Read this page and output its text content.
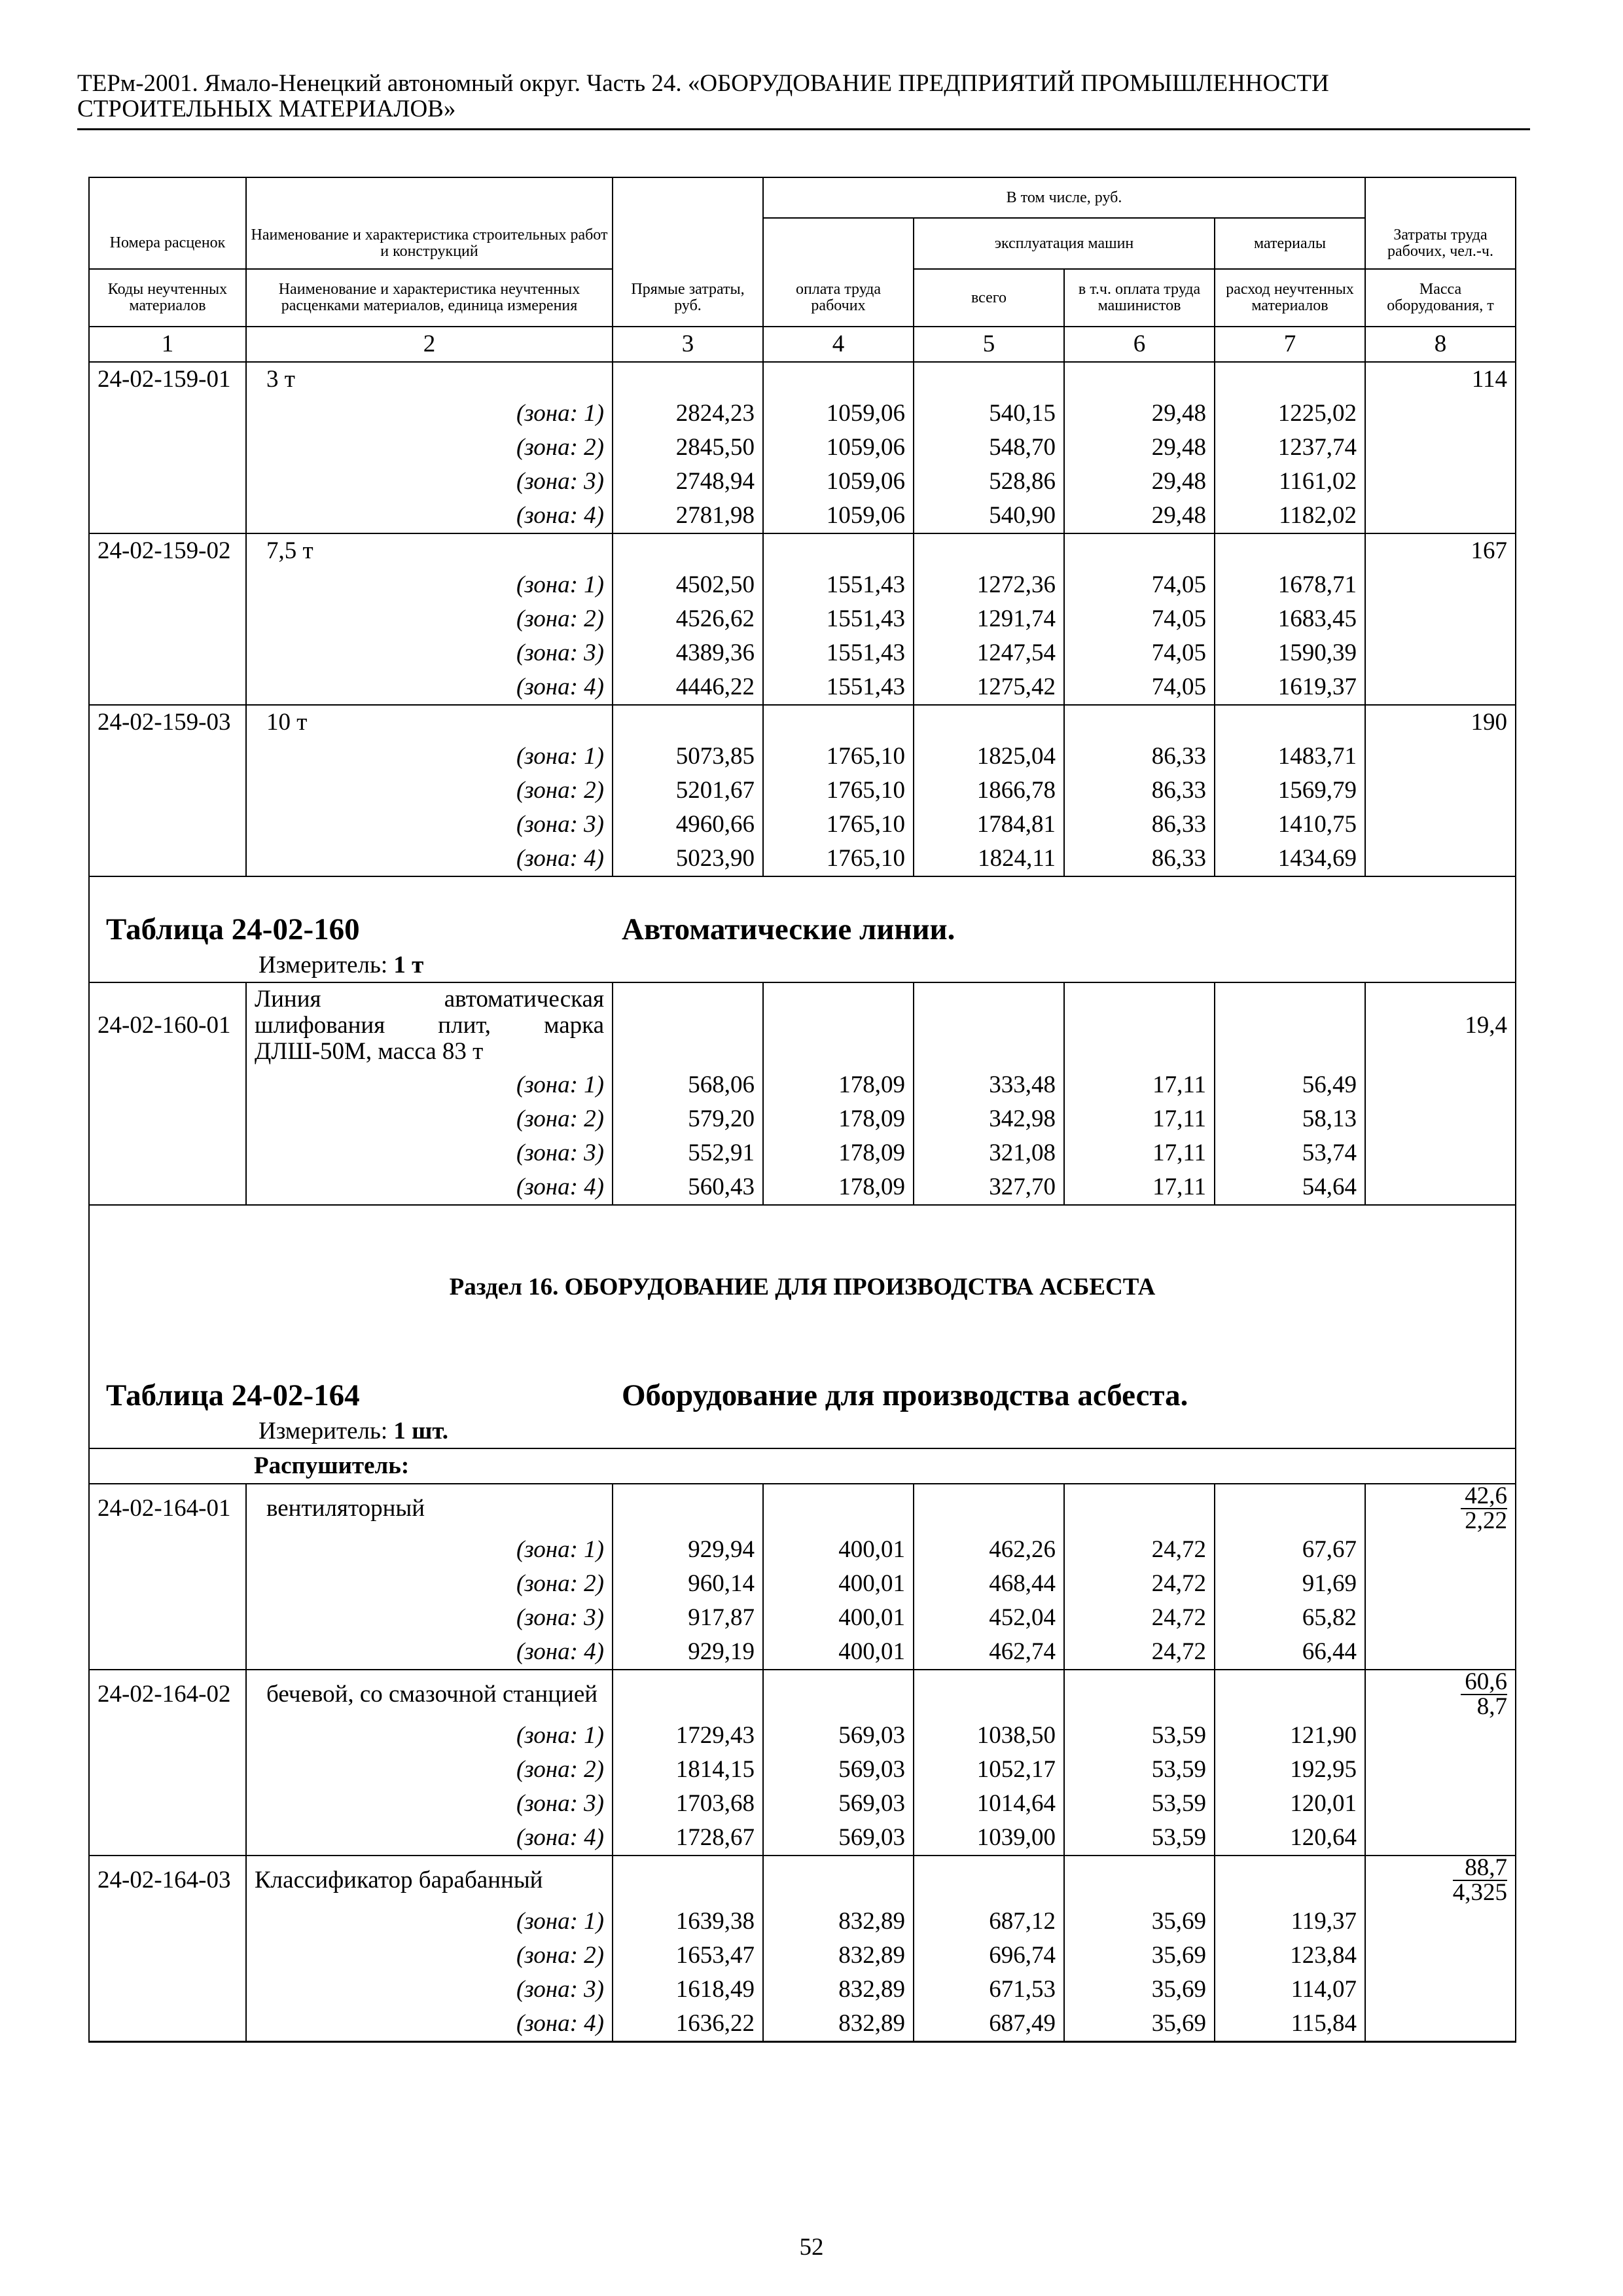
ТЕРм-2001. Ямало-Ненецкий автономный округ. Часть 24. «ОБОРУДОВАНИЕ ПРЕДПРИЯТИЙ ПРОМЫШЛЕННОСТИ
СТРОИТЕЛЬНЫХ МАТЕРИАЛОВ»
			В том числе, руб.				
Номера расценок	Наименование и характеристика строительных работ и конструкций			эксплуатация машин		материалы	Затраты труда рабочих, чел.-ч.
Коды неучтенных материалов	Наименование и характеристика неучтенных расценками материалов, единица измерения	Прямые затраты, руб.	оплата труда рабочих	всего	в т.ч. оплата труда машинистов	расход неучтенных материалов	Масса оборудования, т
1	2	3	4	5	6	7	8
24-02-159-01	3 т						114
	(зона: 1)	2824,23	1059,06	540,15	29,48	1225,02	
	(зона: 2)	2845,50	1059,06	548,70	29,48	1237,74	
	(зона: 3)	2748,94	1059,06	528,86	29,48	1161,02	
	(зона: 4)	2781,98	1059,06	540,90	29,48	1182,02	
24-02-159-02	7,5 т						167
	(зона: 1)	4502,50	1551,43	1272,36	74,05	1678,71	
	(зона: 2)	4526,62	1551,43	1291,74	74,05	1683,45	
	(зона: 3)	4389,36	1551,43	1247,54	74,05	1590,39	
	(зона: 4)	4446,22	1551,43	1275,42	74,05	1619,37	
24-02-159-03	10 т						190
	(зона: 1)	5073,85	1765,10	1825,04	86,33	1483,71	
	(зона: 2)	5201,67	1765,10	1866,78	86,33	1569,79	
	(зона: 3)	4960,66	1765,10	1784,81	86,33	1410,75	
	(зона: 4)	5023,90	1765,10	1824,11	86,33	1434,69	
Таблица 24-02-160 Автоматические линии.							

Измеритель: 1 т							
24-02-160-01	Линия автоматическая шлифования плит, марка ДЛШ-50М, масса 83 т						19,4
	(зона: 1)	568,06	178,09	333,48	17,11	56,49	
	(зона: 2)	579,20	178,09	342,98	17,11	58,13	
	(зона: 3)	552,91	178,09	321,08	17,11	53,74	
	(зона: 4)	560,43	178,09	327,70	17,11	54,64	
Раздел 16. ОБОРУДОВАНИЕ ДЛЯ ПРОИЗВОДСТВА АСБЕСТА							
Таблица 24-02-164 Оборудование для производства асбеста.							

Измеритель: 1 шт.							
	Распушитель:						
24-02-164-01	вентиляторный						$\frac{42,6}{2,22}$

	(зона: 1)	929,94	400,01	462,26	24,72	67,67	
	(зона: 2)	960,14	400,01	468,44	24,72	91,69	
	(зона: 3)	917,87	400,01	452,04	24,72	65,82	
	(зона: 4)	929,19	400,01	462,74	24,72	66,44	
24-02-164-02	бечевой, со смазочной станцией						$\frac{60,6}{8,7}$

	(зона: 1)	1729,43	569,03	1038,50	53,59	121,90	
	(зона: 2)	1814,15	569,03	1052,17	53,59	192,95	
	(зона: 3)	1703,68	569,03	1014,64	53,59	120,01	
	(зона: 4)	1728,67	569,03	1039,00	53,59	120,64	
24-02-164-03	Классификатор барабанный						$\frac{88,7}{4,325}$

	(зона: 1)	1639,38	832,89	687,12	35,69	119,37	
	(зона: 2)	1653,47	832,89	696,74	35,69	123,84	
	(зона: 3)	1618,49	832,89	671,53	35,69	114,07	
	(зона: 4)	1636,22	832,89	687,49	35,69	115,84	
52
